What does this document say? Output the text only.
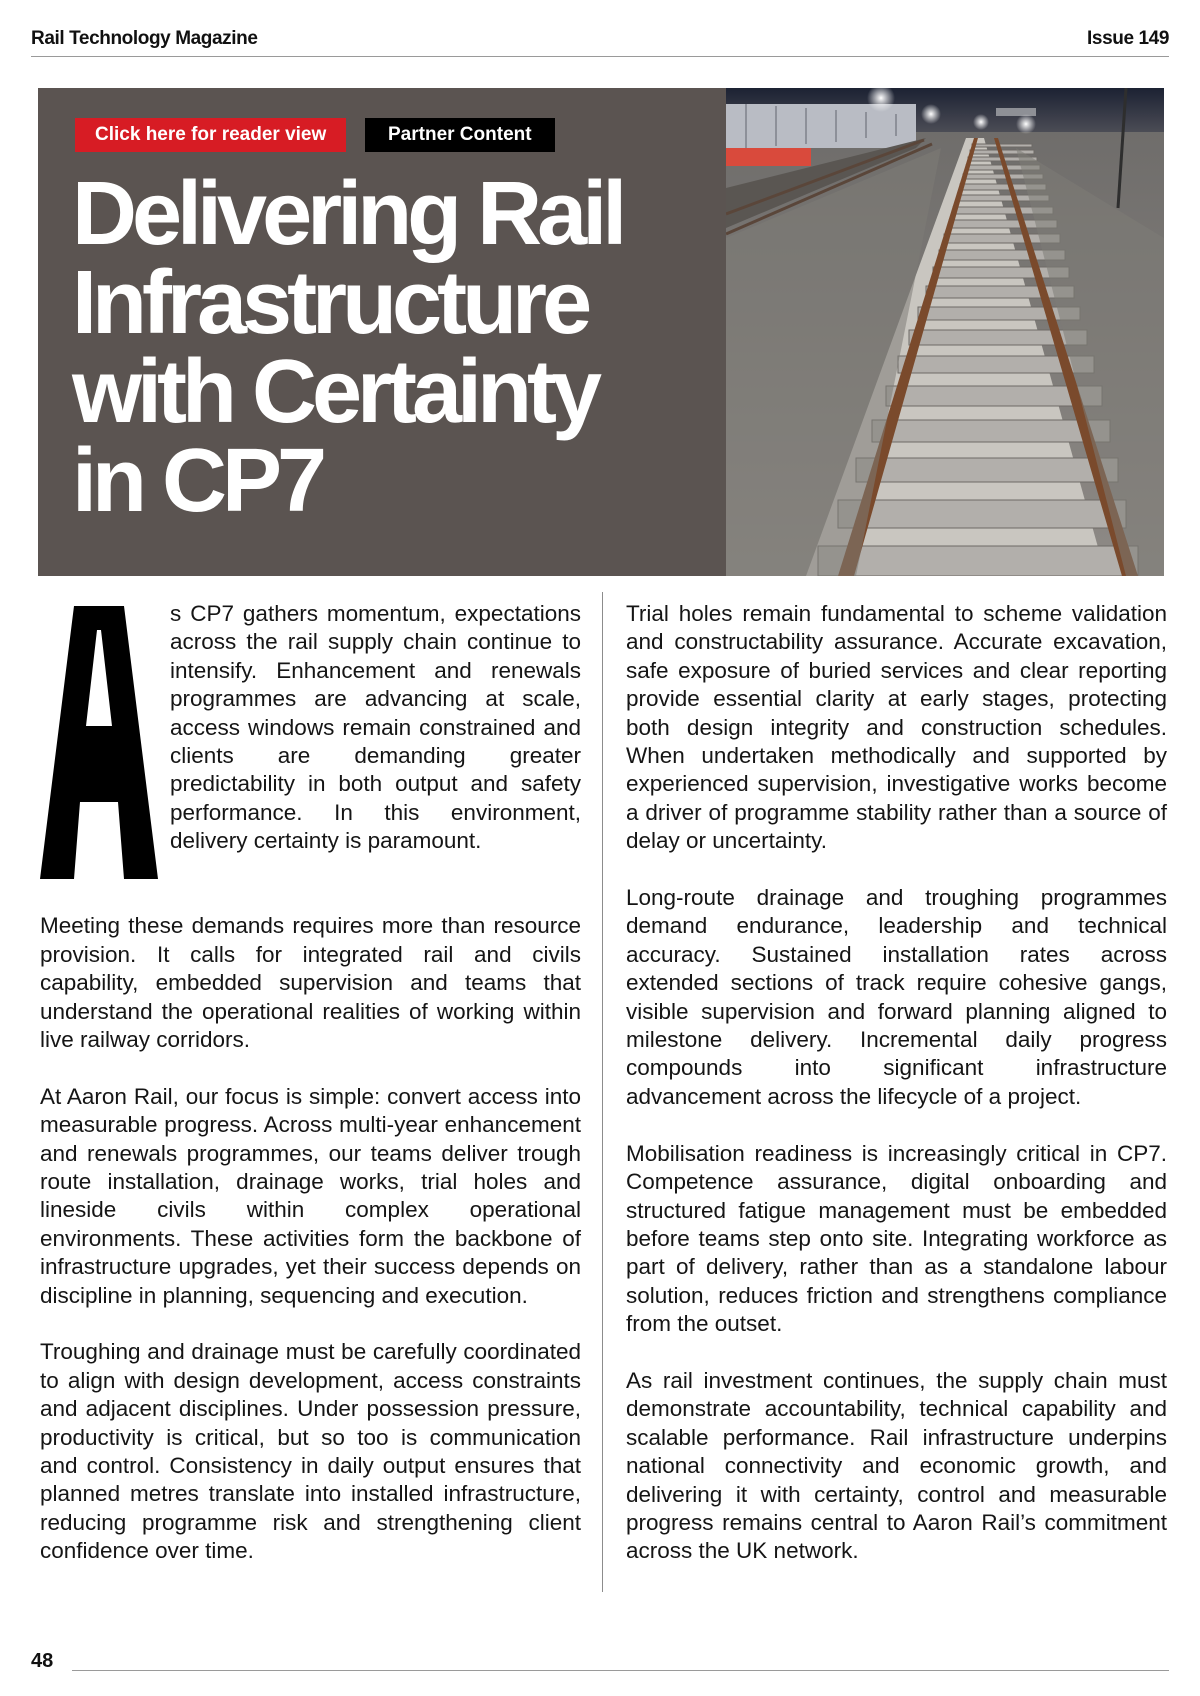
Rail Technology Magazine	Issue 149
Click here for reader view	Partner Content
Delivering Rail
Infrastructure
with Certainty
in CP7

s CP7 gathers momentum, expectations across the rail supply chain continue to intensify. Enhancement and renewals programmes are advancing at scale, access windows remain constrained and clients are demanding greater predictability in both output and safety performance. In this environment, delivery certainty is paramount.

Meeting these demands requires more than resource provision. It calls for integrated rail and civils capability, embedded supervision and teams that understand the operational realities of working within live railway corridors.

At Aaron Rail, our focus is simple: convert access into measurable progress. Across multi-year enhancement and renewals programmes, our teams deliver trough route installation, drainage works, trial holes and lineside civils within complex operational environments. These activities form the backbone of infrastructure upgrades, yet their success depends on discipline in planning, sequencing and execution.

Troughing and drainage must be carefully coordinated to align with design development, access constraints and adjacent disciplines. Under possession pressure, productivity is critical, but so too is communication and control. Consistency in daily output ensures that planned metres translate into installed infrastructure, reducing programme risk and strengthening client confidence over time.

Trial holes remain fundamental to scheme validation and constructability assurance. Accurate excavation, safe exposure of buried services and clear reporting provide essential clarity at early stages, protecting both design integrity and construction schedules. When undertaken methodically and supported by experienced supervision, investigative works become a driver of programme stability rather than a source of delay or uncertainty.

Long-route drainage and troughing programmes demand endurance, leadership and technical accuracy. Sustained installation rates across extended sections of track require cohesive gangs, visible supervision and forward planning aligned to milestone delivery. Incremental daily progress compounds into significant infrastructure advancement across the lifecycle of a project.

Mobilisation readiness is increasingly critical in CP7. Competence assurance, digital onboarding and structured fatigue management must be embedded before teams step onto site. Integrating workforce as part of delivery, rather than as a standalone labour solution, reduces friction and strengthens compliance from the outset.

As rail investment continues, the supply chain must demonstrate accountability, technical capability and scalable performance. Rail infrastructure underpins national connectivity and economic growth, and delivering it with certainty, control and measurable progress remains central to Aaron Rail’s commitment across the UK network.

48
